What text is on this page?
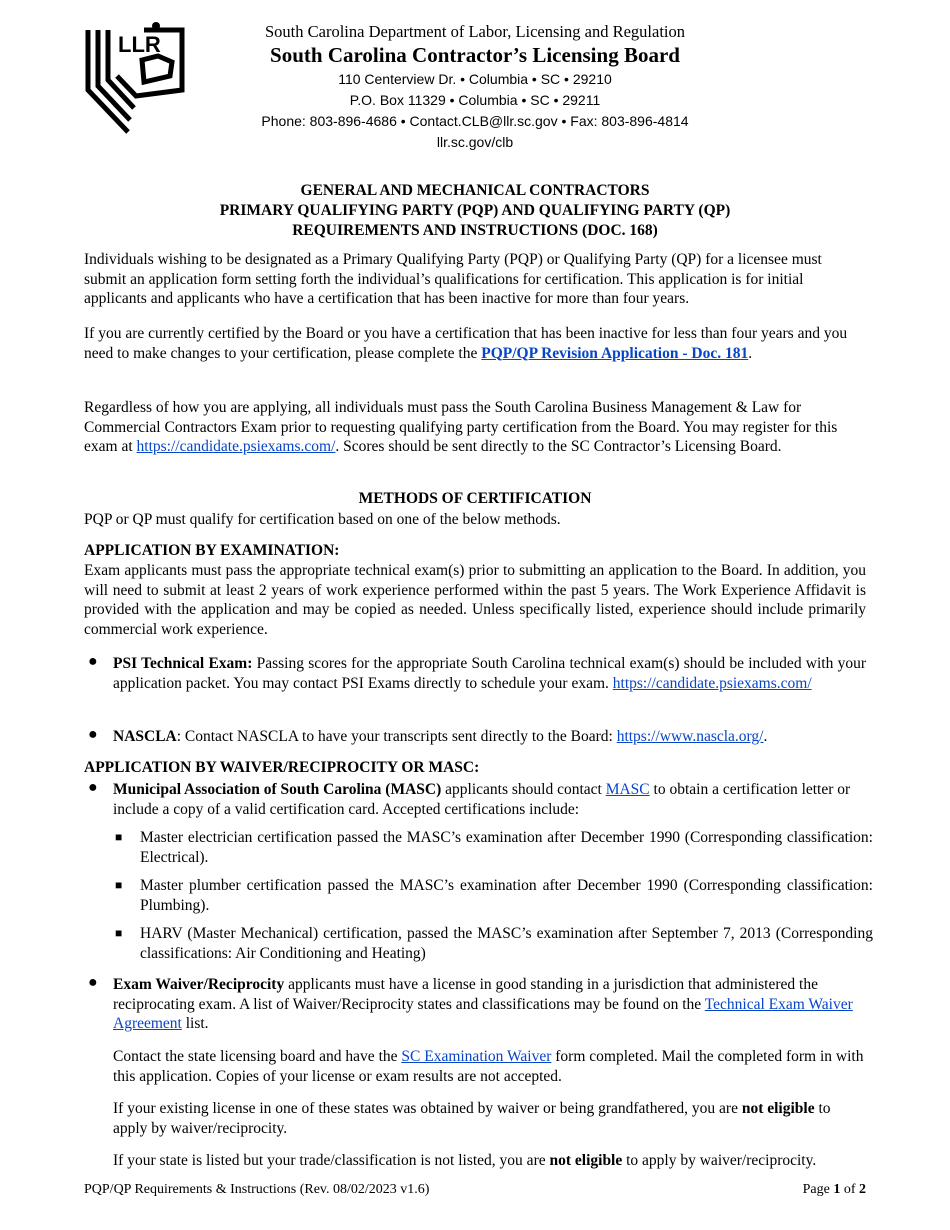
LLR
South Carolina Department of Labor, Licensing and Regulation
South Carolina Contractor’s Licensing Board
110 Centerview Dr. • Columbia • SC • 29210
P.O. Box 11329 • Columbia • SC • 29211
Phone: 803-896-4686 • Contact.CLB@llr.sc.gov • Fax: 803-896-4814
llr.sc.gov/clb
GENERAL AND MECHANICAL CONTRACTORS
PRIMARY QUALIFYING PARTY (PQP) AND QUALIFYING PARTY (QP)
REQUIREMENTS AND INSTRUCTIONS (DOC. 168)
Individuals wishing to be designated as a Primary Qualifying Party (PQP) or Qualifying Party (QP) for a licensee must submit an application form setting forth the individual’s qualifications for certification. This application is for initial applicants and applicants who have a certification that has been inactive for more than four years.
If you are currently certified by the Board or you have a certification that has been inactive for less than four years and you need to make changes to your certification, please complete the PQP/QP Revision Application - Doc. 181.
Regardless of how you are applying, all individuals must pass the South Carolina Business Management & Law for Commercial Contractors Exam prior to requesting qualifying party certification from the Board. You may register for this exam at https://candidate.psiexams.com/. Scores should be sent directly to the SC Contractor’s Licensing Board.
METHODS OF CERTIFICATION
PQP or QP must qualify for certification based on one of the below methods.
APPLICATION BY EXAMINATION:
Exam applicants must pass the appropriate technical exam(s) prior to submitting an application to the Board. In addition, you will need to submit at least 2 years of work experience performed within the past 5 years. The Work Experience Affidavit is provided with the application and may be copied as needed. Unless specifically listed, experience should include primarily commercial work experience.
● PSI Technical Exam: Passing scores for the appropriate South Carolina technical exam(s) should be included with your application packet. You may contact PSI Exams directly to schedule your exam. https://candidate.psiexams.com/
● NASCLA: Contact NASCLA to have your transcripts sent directly to the Board: https://www.nascla.org/.
APPLICATION BY WAIVER/RECIPROCITY OR MASC:
● Municipal Association of South Carolina (MASC) applicants should contact MASC to obtain a certification letter or include a copy of a valid certification card. Accepted certifications include:
■ Master electrician certification passed the MASC’s examination after December 1990 (Corresponding classification: Electrical).
■ Master plumber certification passed the MASC’s examination after December 1990 (Corresponding classification: Plumbing).
■ HARV (Master Mechanical) certification, passed the MASC’s examination after September 7, 2013 (Corresponding classifications: Air Conditioning and Heating)
● Exam Waiver/Reciprocity applicants must have a license in good standing in a jurisdiction that administered the reciprocating exam. A list of Waiver/Reciprocity states and classifications may be found on the Technical Exam Waiver Agreement list.
Contact the state licensing board and have the SC Examination Waiver form completed. Mail the completed form in with this application. Copies of your license or exam results are not accepted.
If your existing license in one of these states was obtained by waiver or being grandfathered, you are not eligible to apply by waiver/reciprocity.
If your state is listed but your trade/classification is not listed, you are not eligible to apply by waiver/reciprocity.
PQP/QP Requirements & Instructions (Rev. 08/02/2023 v1.6)	Page 1 of 2
